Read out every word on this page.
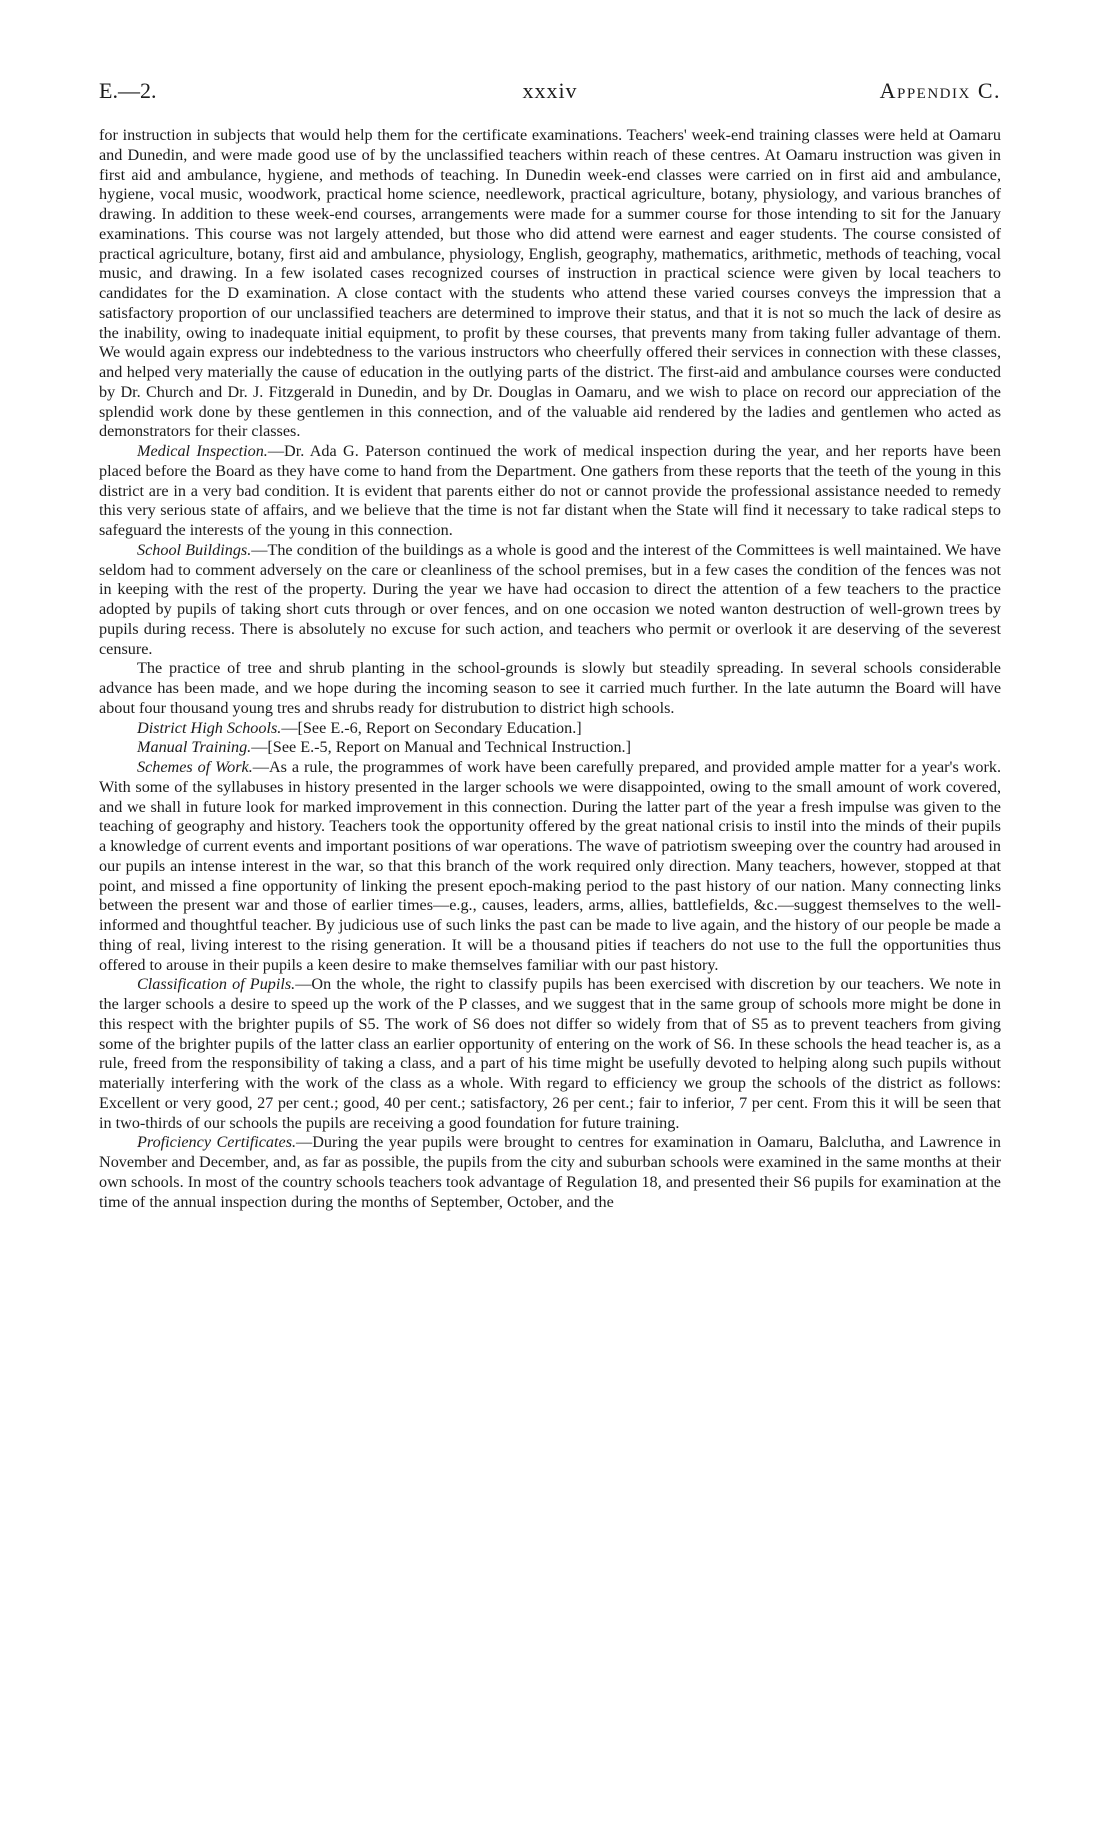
E.—2.	xxxiv	Appendix C.

for instruction in subjects that would help them for the certificate examinations. Teachers' week-end training classes were held at Oamaru and Dunedin, and were made good use of by the unclassified teachers within reach of these centres. At Oamaru instruction was given in first aid and ambulance, hygiene, and methods of teaching. In Dunedin week-end classes were carried on in first aid and ambulance, hygiene, vocal music, woodwork, practical home science, needlework, practical agriculture, botany, physiology, and various branches of drawing. In addition to these week-end courses, arrangements were made for a summer course for those intending to sit for the January examinations. This course was not largely attended, but those who did attend were earnest and eager students. The course consisted of practical agriculture, botany, first aid and ambulance, physiology, English, geography, mathematics, arithmetic, methods of teaching, vocal music, and drawing. In a few isolated cases recognized courses of instruction in practical science were given by local teachers to candidates for the D examination. A close contact with the students who attend these varied courses conveys the impression that a satisfactory proportion of our unclassified teachers are determined to improve their status, and that it is not so much the lack of desire as the inability, owing to inadequate initial equipment, to profit by these courses, that prevents many from taking fuller advantage of them. We would again express our indebtedness to the various instructors who cheerfully offered their services in connection with these classes, and helped very materially the cause of education in the outlying parts of the district. The first-aid and ambulance courses were conducted by Dr. Church and Dr. J. Fitzgerald in Dunedin, and by Dr. Douglas in Oamaru, and we wish to place on record our appreciation of the splendid work done by these gentlemen in this connection, and of the valuable aid rendered by the ladies and gentlemen who acted as demonstrators for their classes.

Medical Inspection.—Dr. Ada G. Paterson continued the work of medical inspection during the year, and her reports have been placed before the Board as they have come to hand from the Department. One gathers from these reports that the teeth of the young in this district are in a very bad condition. It is evident that parents either do not or cannot provide the professional assistance needed to remedy this very serious state of affairs, and we believe that the time is not far distant when the State will find it necessary to take radical steps to safeguard the interests of the young in this connection.

School Buildings.—The condition of the buildings as a whole is good and the interest of the Committees is well maintained. We have seldom had to comment adversely on the care or cleanliness of the school premises, but in a few cases the condition of the fences was not in keeping with the rest of the property. During the year we have had occasion to direct the attention of a few teachers to the practice adopted by pupils of taking short cuts through or over fences, and on one occasion we noted wanton destruction of well-grown trees by pupils during recess. There is absolutely no excuse for such action, and teachers who permit or overlook it are deserving of the severest censure.

The practice of tree and shrub planting in the school-grounds is slowly but steadily spreading. In several schools considerable advance has been made, and we hope during the incoming season to see it carried much further. In the late autumn the Board will have about four thousand young tres and shrubs ready for distrubution to district high schools.

District High Schools.—[See E.-6, Report on Secondary Education.]

Manual Training.—[See E.-5, Report on Manual and Technical Instruction.]

Schemes of Work.—As a rule, the programmes of work have been carefully prepared, and provided ample matter for a year's work. With some of the syllabuses in history presented in the larger schools we were disappointed, owing to the small amount of work covered, and we shall in future look for marked improvement in this connection. During the latter part of the year a fresh impulse was given to the teaching of geography and history. Teachers took the opportunity offered by the great national crisis to instil into the minds of their pupils a knowledge of current events and important positions of war operations. The wave of patriotism sweeping over the country had aroused in our pupils an intense interest in the war, so that this branch of the work required only direction. Many teachers, however, stopped at that point, and missed a fine opportunity of linking the present epoch-making period to the past history of our nation. Many connecting links between the present war and those of earlier times—e.g., causes, leaders, arms, allies, battlefields, &c.—suggest themselves to the well-informed and thoughtful teacher. By judicious use of such links the past can be made to live again, and the history of our people be made a thing of real, living interest to the rising generation. It will be a thousand pities if teachers do not use to the full the opportunities thus offered to arouse in their pupils a keen desire to make themselves familiar with our past history.

Classification of Pupils.—On the whole, the right to classify pupils has been exercised with discretion by our teachers. We note in the larger schools a desire to speed up the work of the P classes, and we suggest that in the same group of schools more might be done in this respect with the brighter pupils of S5. The work of S6 does not differ so widely from that of S5 as to prevent teachers from giving some of the brighter pupils of the latter class an earlier opportunity of entering on the work of S6. In these schools the head teacher is, as a rule, freed from the responsibility of taking a class, and a part of his time might be usefully devoted to helping along such pupils without materially interfering with the work of the class as a whole. With regard to efficiency we group the schools of the district as follows: Excellent or very good, 27 per cent.; good, 40 per cent.; satisfactory, 26 per cent.; fair to inferior, 7 per cent. From this it will be seen that in two-thirds of our schools the pupils are receiving a good foundation for future training.

Proficiency Certificates.—During the year pupils were brought to centres for examination in Oamaru, Balclutha, and Lawrence in November and December, and, as far as possible, the pupils from the city and suburban schools were examined in the same months at their own schools. In most of the country schools teachers took advantage of Regulation 18, and presented their S6 pupils for examination at the time of the annual inspection during the months of September, October, and the
